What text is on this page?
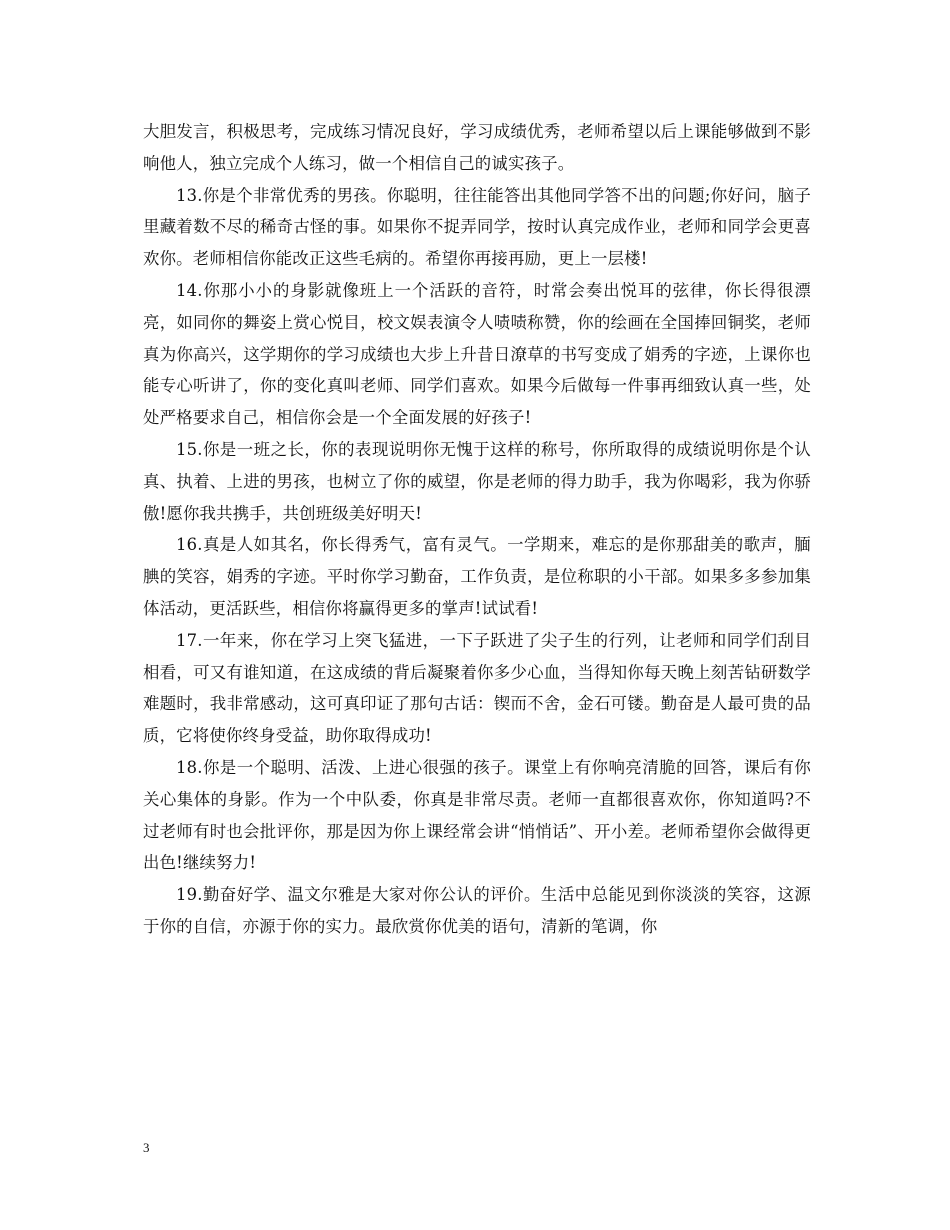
大胆发言，积极思考，完成练习情况良好，学习成绩优秀，老师希望以后上课能够做到不影响他人，独立完成个人练习，做一个相信自己的诚实孩子。

13.你是个非常优秀的男孩。你聪明，往往能答出其他同学答不出的问题;你好问，脑子里藏着数不尽的稀奇古怪的事。如果你不捉弄同学，按时认真完成作业，老师和同学会更喜欢你。老师相信你能改正这些毛病的。希望你再接再励，更上一层楼!

14.你那小小的身影就像班上一个活跃的音符，时常会奏出悦耳的弦律，你长得很漂亮，如同你的舞姿上赏心悦目，校文娱表演令人啧啧称赞，你的绘画在全国捧回铜奖，老师真为你高兴，这学期你的学习成绩也大步上升昔日潦草的书写变成了娟秀的字迹，上课你也能专心听讲了，你的变化真叫老师、同学们喜欢。如果今后做每一件事再细致认真一些，处处严格要求自己，相信你会是一个全面发展的好孩子!

15.你是一班之长，你的表现说明你无愧于这样的称号，你所取得的成绩说明你是个认真、执着、上进的男孩，也树立了你的威望，你是老师的得力助手，我为你喝彩，我为你骄傲!愿你我共携手，共创班级美好明天!

16.真是人如其名，你长得秀气，富有灵气。一学期来，难忘的是你那甜美的歌声，腼腆的笑容，娟秀的字迹。平时你学习勤奋，工作负责，是位称职的小干部。如果多多参加集体活动，更活跃些，相信你将赢得更多的掌声!试试看!

17.一年来，你在学习上突飞猛进，一下子跃进了尖子生的行列，让老师和同学们刮目相看，可又有谁知道，在这成绩的背后凝聚着你多少心血，当得知你每天晚上刻苦钻研数学难题时，我非常感动，这可真印证了那句古话：锲而不舍，金石可镂。勤奋是人最可贵的品质，它将使你终身受益，助你取得成功!

18.你是一个聪明、活泼、上进心很强的孩子。课堂上有你响亮清脆的回答，课后有你关心集体的身影。作为一个中队委，你真是非常尽责。老师一直都很喜欢你，你知道吗?不过老师有时也会批评你，那是因为你上课经常会讲“悄悄话”、开小差。老师希望你会做得更出色!继续努力!

19.勤奋好学、温文尔雅是大家对你公认的评价。生活中总能见到你淡淡的笑容，这源于你的自信，亦源于你的实力。最欣赏你优美的语句，清新的笔调，你

3
